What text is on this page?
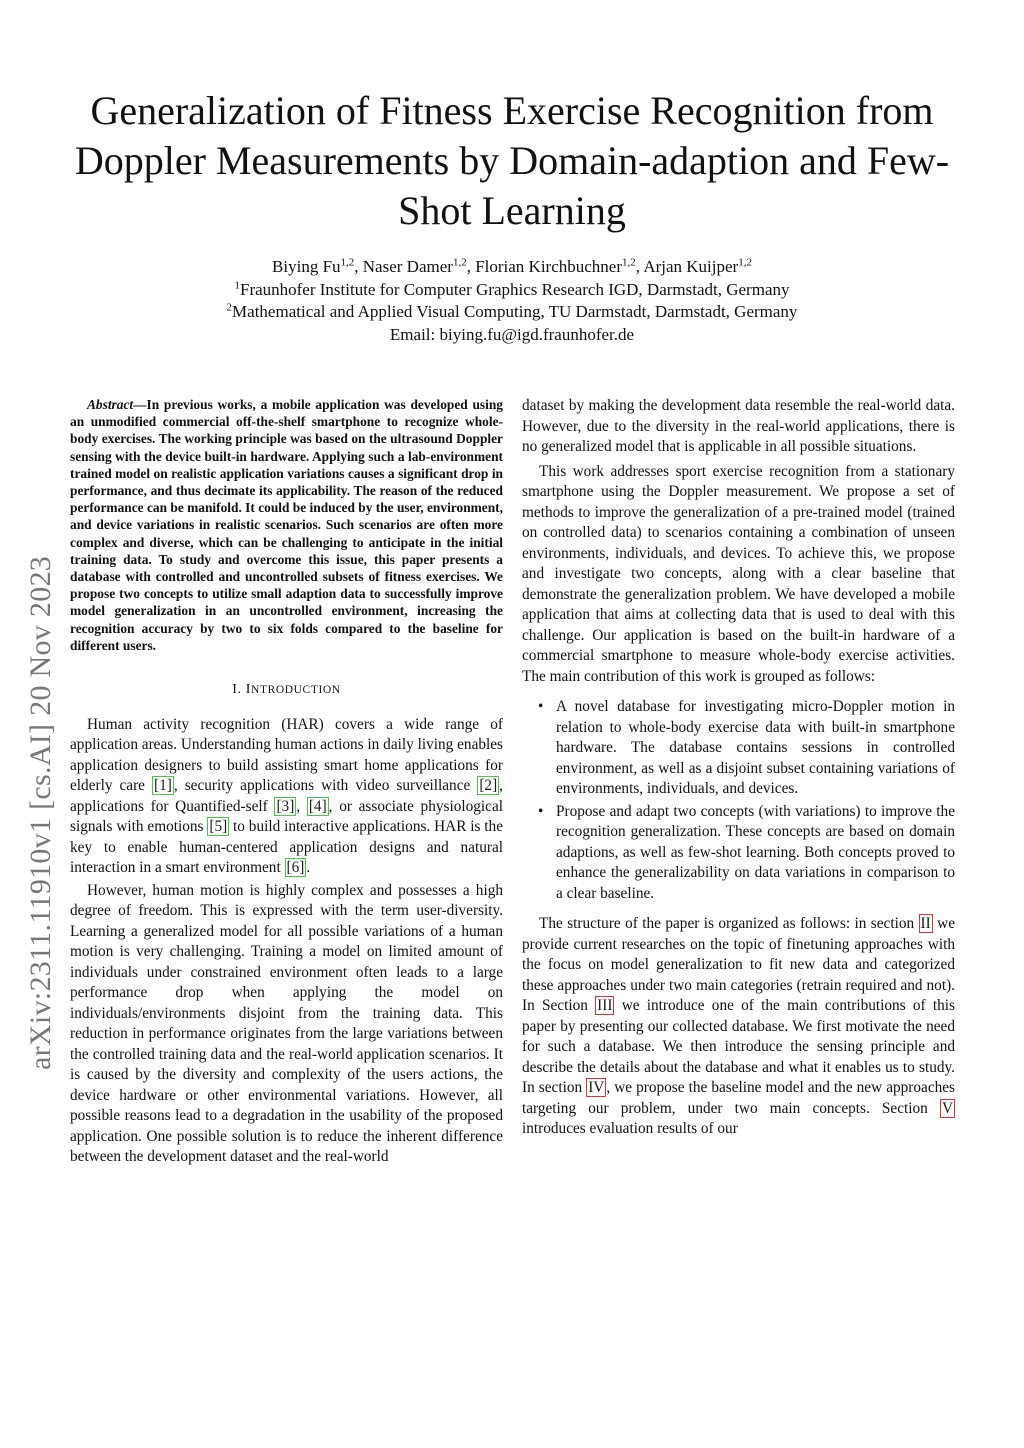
Generalization of Fitness Exercise Recognition from Doppler Measurements by Domain-adaption and Few-Shot Learning
Biying Fu$^{1,2}$, Naser Damer$^{1,2}$, Florian Kirchbuchner$^{1,2}$, Arjan Kuijper$^{1,2}$
$^1$Fraunhofer Institute for Computer Graphics Research IGD, Darmstadt, Germany
$^2$Mathematical and Applied Visual Computing, TU Darmstadt, Darmstadt, Germany
Email: biying.fu@igd.fraunhofer.de
arXiv:2311.11910v1 [cs.AI] 20 Nov 2023

Abstract—In previous works, a mobile application was developed using an unmodified commercial off-the-shelf smartphone to recognize whole-body exercises. The working principle was based on the ultrasound Doppler sensing with the device built-in hardware. Applying such a lab-environment trained model on realistic application variations causes a significant drop in performance, and thus decimate its applicability. The reason of the reduced performance can be manifold. It could be induced by the user, environment, and device variations in realistic scenarios. Such scenarios are often more complex and diverse, which can be challenging to anticipate in the initial training data. To study and overcome this issue, this paper presents a database with controlled and uncontrolled subsets of fitness exercises. We propose two concepts to utilize small adaption data to successfully improve model generalization in an uncontrolled environment, increasing the recognition accuracy by two to six folds compared to the baseline for different users.

I. INTRODUCTION

Human activity recognition (HAR) covers a wide range of application areas. Understanding human actions in daily living enables application designers to build assisting smart home applications for elderly care [1] , security applications with video surveillance [2] , applications for Quantified-self [3] , [4] , or associate physiological signals with emotions [5] to build interactive applications. HAR is the key to enable human-centered application designs and natural interaction in a smart environment [6] .

However, human motion is highly complex and possesses a high degree of freedom. This is expressed with the term user-diversity. Learning a generalized model for all possible variations of a human motion is very challenging. Training a model on limited amount of individuals under constrained environment often leads to a large performance drop when applying the model on individuals/environments disjoint from the training data. This reduction in performance originates from the large variations between the controlled training data and the real-world application scenarios. It is caused by the diversity and complexity of the users actions, the device hardware or other environmental variations. However, all possible reasons lead to a degradation in the usability of the proposed application. One possible solution is to reduce the inherent difference between the development dataset and the real-world

dataset by making the development data resemble the real-world data. However, due to the diversity in the real-world applications, there is no generalized model that is applicable in all possible situations.

This work addresses sport exercise recognition from a stationary smartphone using the Doppler measurement. We propose a set of methods to improve the generalization of a pre-trained model (trained on controlled data) to scenarios containing a combination of unseen environments, individuals, and devices. To achieve this, we propose and investigate two concepts, along with a clear baseline that demonstrate the generalization problem. We have developed a mobile application that aims at collecting data that is used to deal with this challenge. Our application is based on the built-in hardware of a commercial smartphone to measure whole-body exercise activities. The main contribution of this work is grouped as follows:

• A novel database for investigating micro-Doppler motion in relation to whole-body exercise data with built-in smartphone hardware. The database contains sessions in controlled environment, as well as a disjoint subset containing variations of environments, individuals, and devices.
• Propose and adapt two concepts (with variations) to improve the recognition generalization. These concepts are based on domain adaptions, as well as few-shot learning. Both concepts proved to enhance the generalizability on data variations in comparison to a clear baseline.

The structure of the paper is organized as follows: in section II we provide current researches on the topic of finetuning approaches with the focus on model generalization to fit new data and categorized these approaches under two main categories (retrain required and not). In Section III we introduce one of the main contributions of this paper by presenting our collected database. We first motivate the need for such a database. We then introduce the sensing principle and describe the details about the database and what it enables us to study. In section IV , we propose the baseline model and the new approaches targeting our problem, under two main concepts. Section V introduces evaluation results of our
